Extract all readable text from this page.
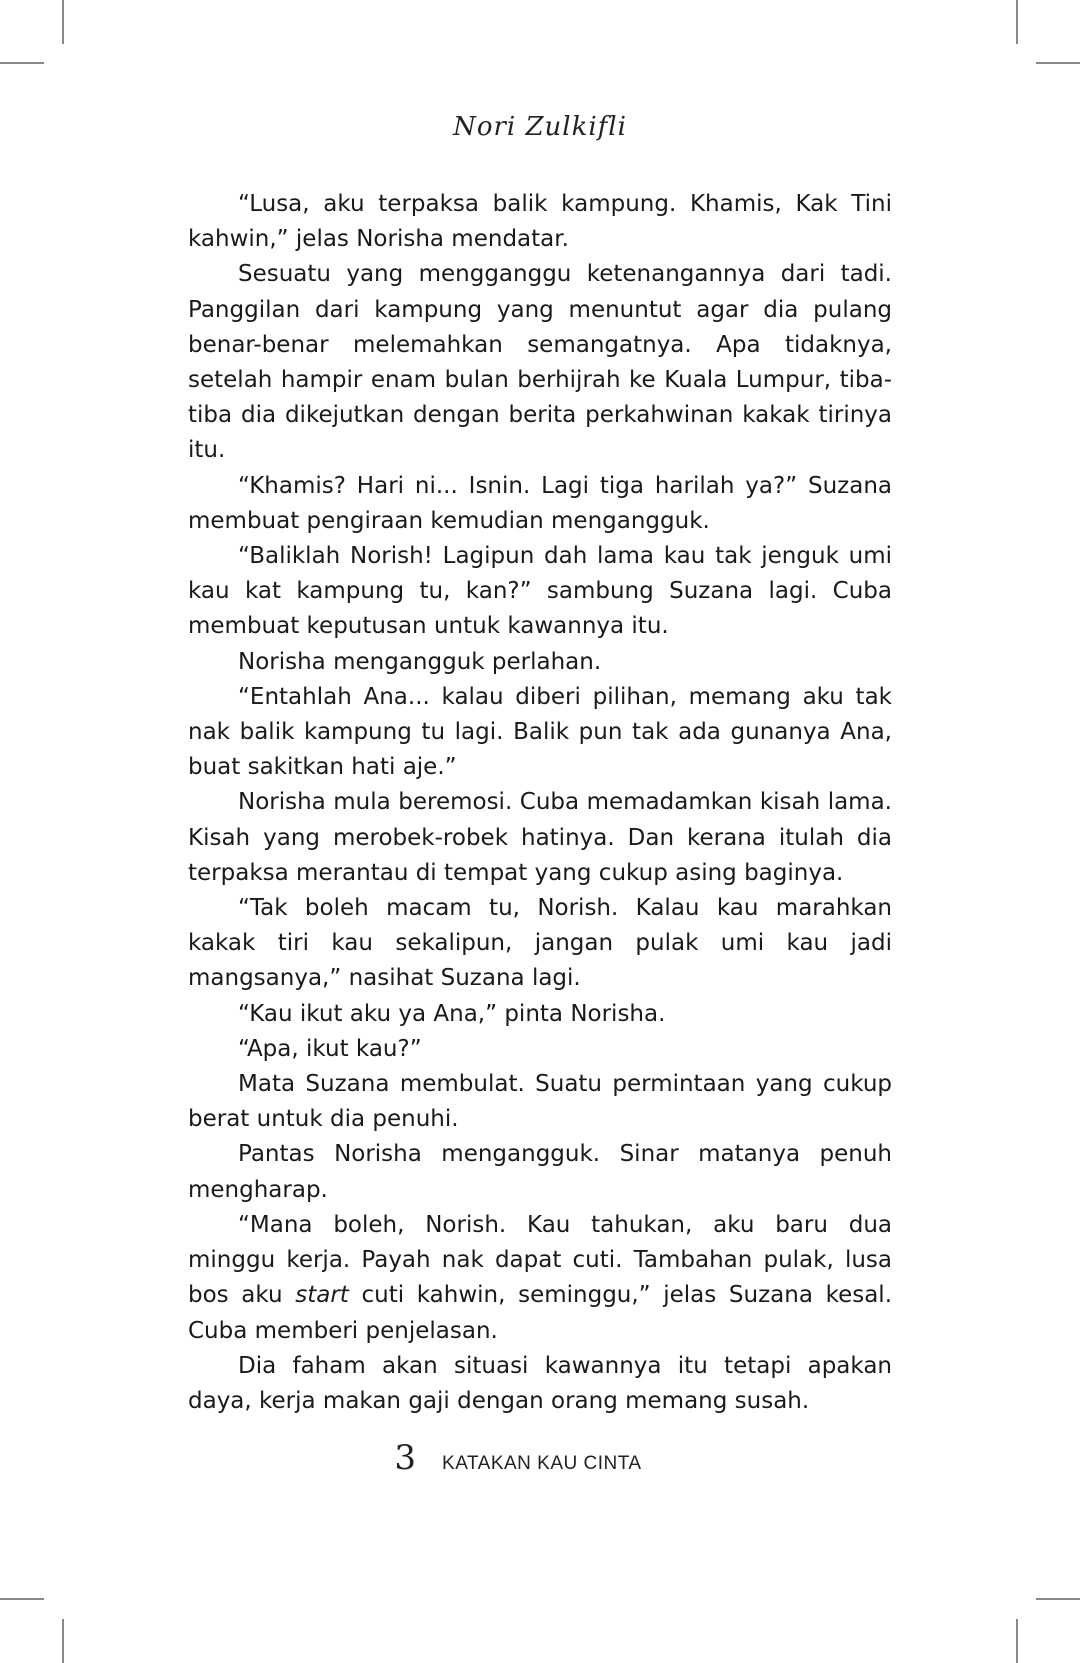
Nori Zulkifli

“Lusa, aku terpaksa balik kampung. Khamis, Kak Tini kahwin,” jelas Norisha mendatar.

Sesuatu yang mengganggu ketenangannya dari tadi. Panggilan dari kampung yang menuntut agar dia pulang benar-benar melemahkan semangatnya. Apa tidaknya, setelah hampir enam bulan berhijrah ke Kuala Lumpur, tiba-tiba dia dikejutkan dengan berita perkahwinan kakak tirinya itu.

“Khamis? Hari ni... Isnin. Lagi tiga harilah ya?” Suzana membuat pengiraan kemudian mengangguk.

“Baliklah Norish! Lagipun dah lama kau tak jenguk umi kau kat kampung tu, kan?” sambung Suzana lagi. Cuba membuat keputusan untuk kawannya itu.

Norisha mengangguk perlahan.

“Entahlah Ana... kalau diberi pilihan, memang aku tak nak balik kampung tu lagi. Balik pun tak ada gunanya Ana, buat sakitkan hati aje.”

Norisha mula beremosi. Cuba memadamkan kisah lama. Kisah yang merobek-robek hatinya. Dan kerana itulah dia terpaksa merantau di tempat yang cukup asing baginya.

“Tak boleh macam tu, Norish. Kalau kau marahkan kakak tiri kau sekalipun, jangan pulak umi kau jadi mangsanya,” nasihat Suzana lagi.

“Kau ikut aku ya Ana,” pinta Norisha.

“Apa, ikut kau?”

Mata Suzana membulat. Suatu permintaan yang cukup berat untuk dia penuhi.

Pantas Norisha mengangguk. Sinar matanya penuh mengharap.

“Mana boleh, Norish. Kau tahukan, aku baru dua minggu kerja. Payah nak dapat cuti. Tambahan pulak, lusa bos aku start cuti kahwin, seminggu,” jelas Suzana kesal. Cuba memberi penjelasan.

Dia faham akan situasi kawannya itu tetapi apakan daya, kerja makan gaji dengan orang memang susah.

3 KATAKAN KAU CINTA
